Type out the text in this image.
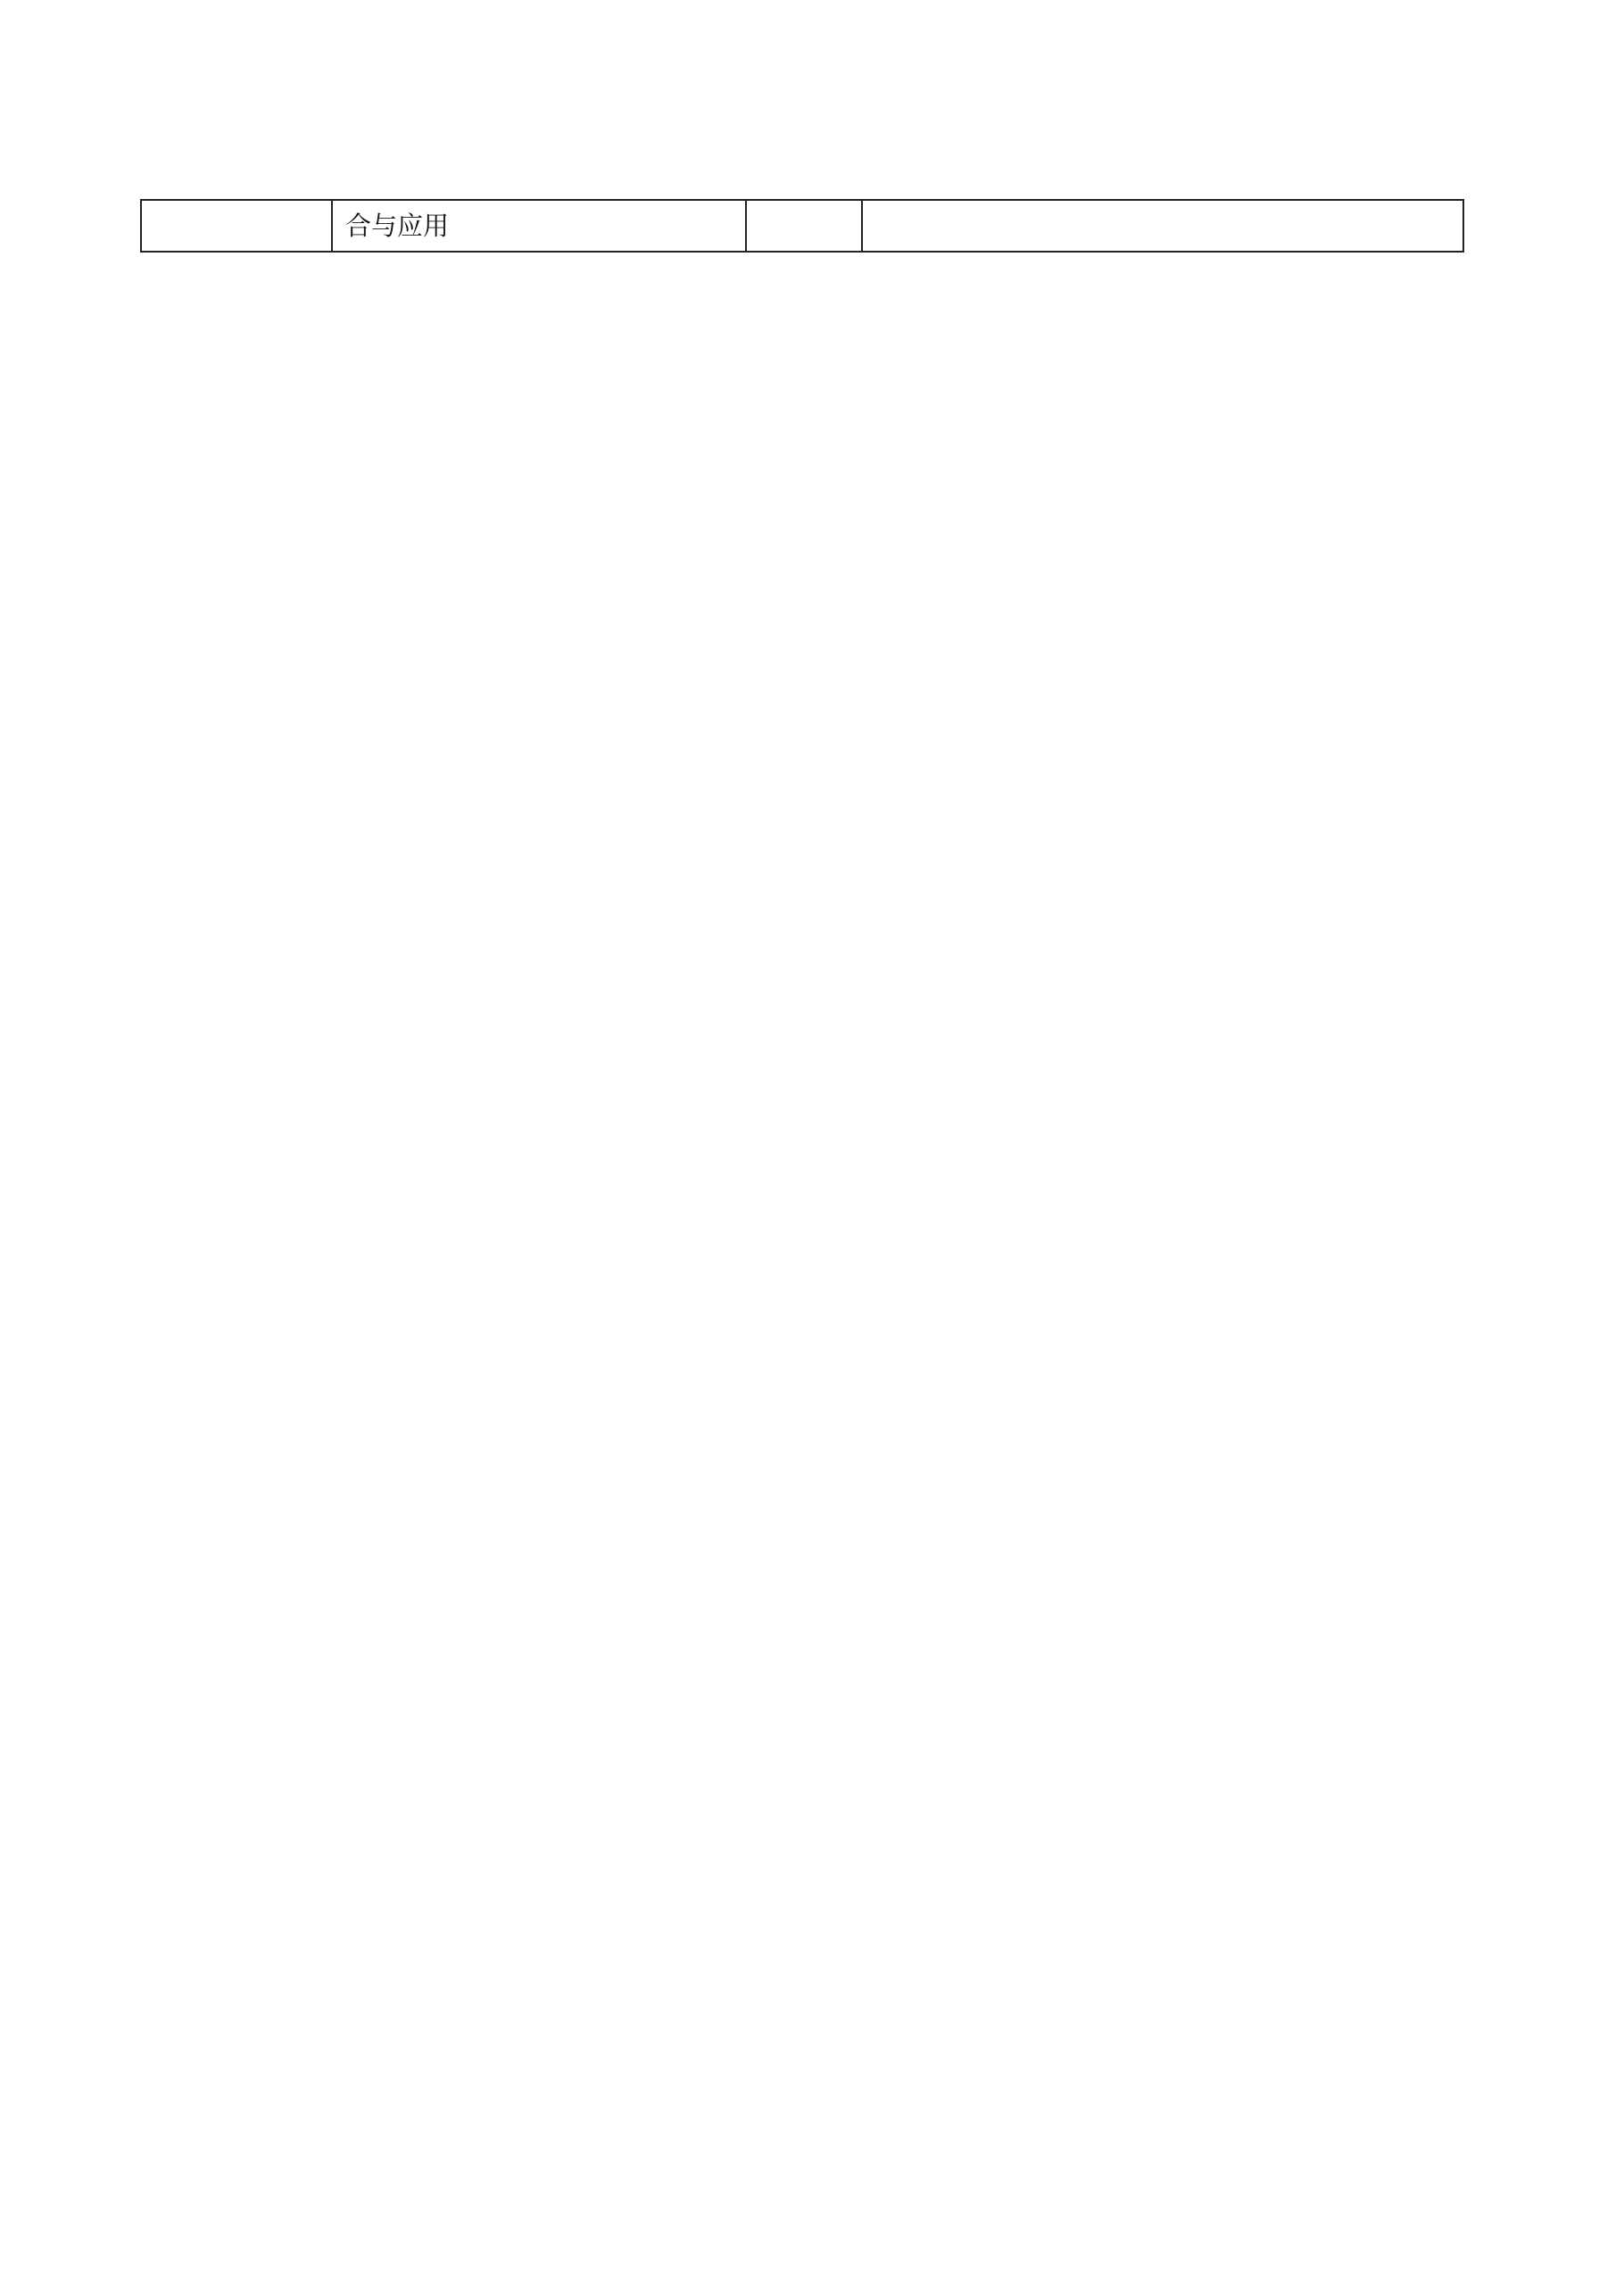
	合与应用		
